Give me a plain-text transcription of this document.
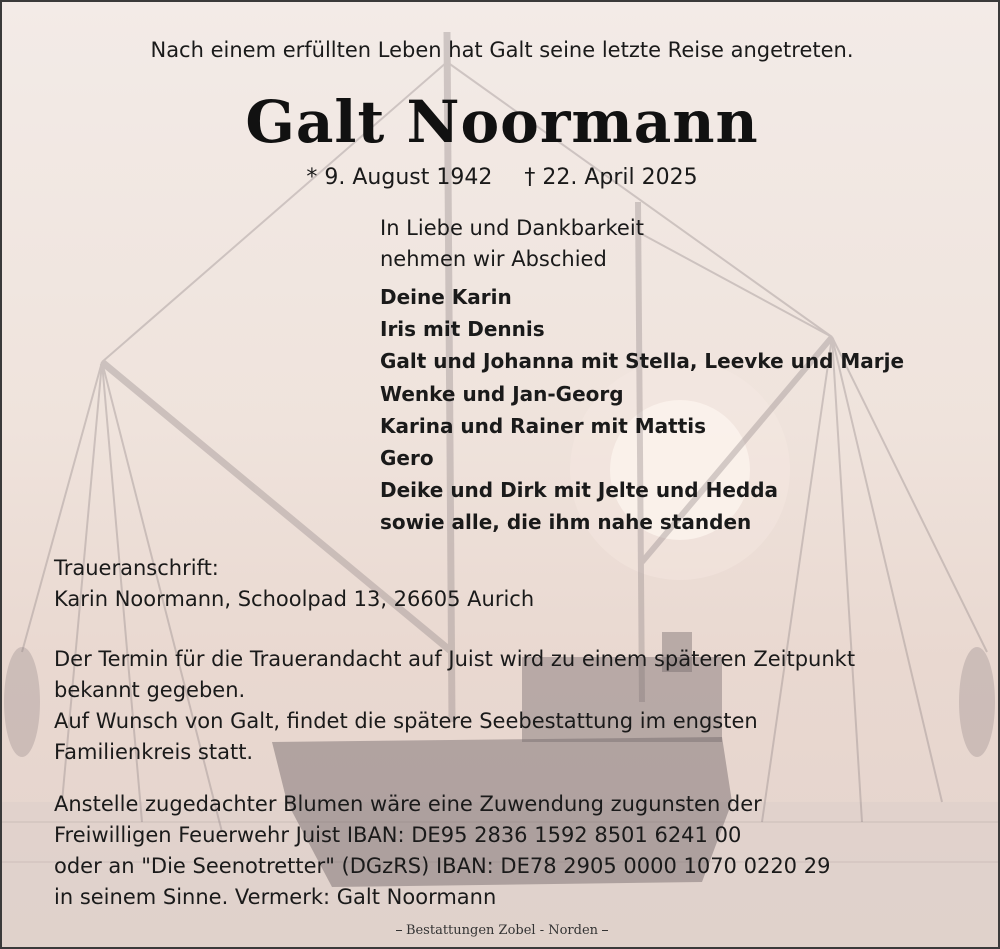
Nach einem erfüllten Leben hat Galt seine letzte Reise angetreten.
Galt Noormann
* 9. August 1942 † 22. April 2025
In Liebe und Dankbarkeit
nehmen wir Abschied
Deine Karin
Iris mit Dennis
Galt und Johanna mit Stella, Leevke und Marje
Wenke und Jan-Georg
Karina und Rainer mit Mattis
Gero
Deike und Dirk mit Jelte und Hedda
sowie alle, die ihm nahe standen
Traueranschrift:
Karin Noormann, Schoolpad 13, 26605 Aurich
Der Termin für die Trauerandacht auf Juist wird zu einem späteren Zeitpunkt
bekannt gegeben.
Auf Wunsch von Galt, findet die spätere Seebestattung im engsten
Familienkreis statt.
Anstelle zugedachter Blumen wäre eine Zuwendung zugunsten der
Freiwilligen Feuerwehr Juist IBAN: DE95 2836 1592 8501 6241 00
oder an "Die Seenotretter" (DGzRS) IBAN: DE78 2905 0000 1070 0220 29
in seinem Sinne. Vermerk: Galt Noormann
Bestattungen Zobel - Norden
